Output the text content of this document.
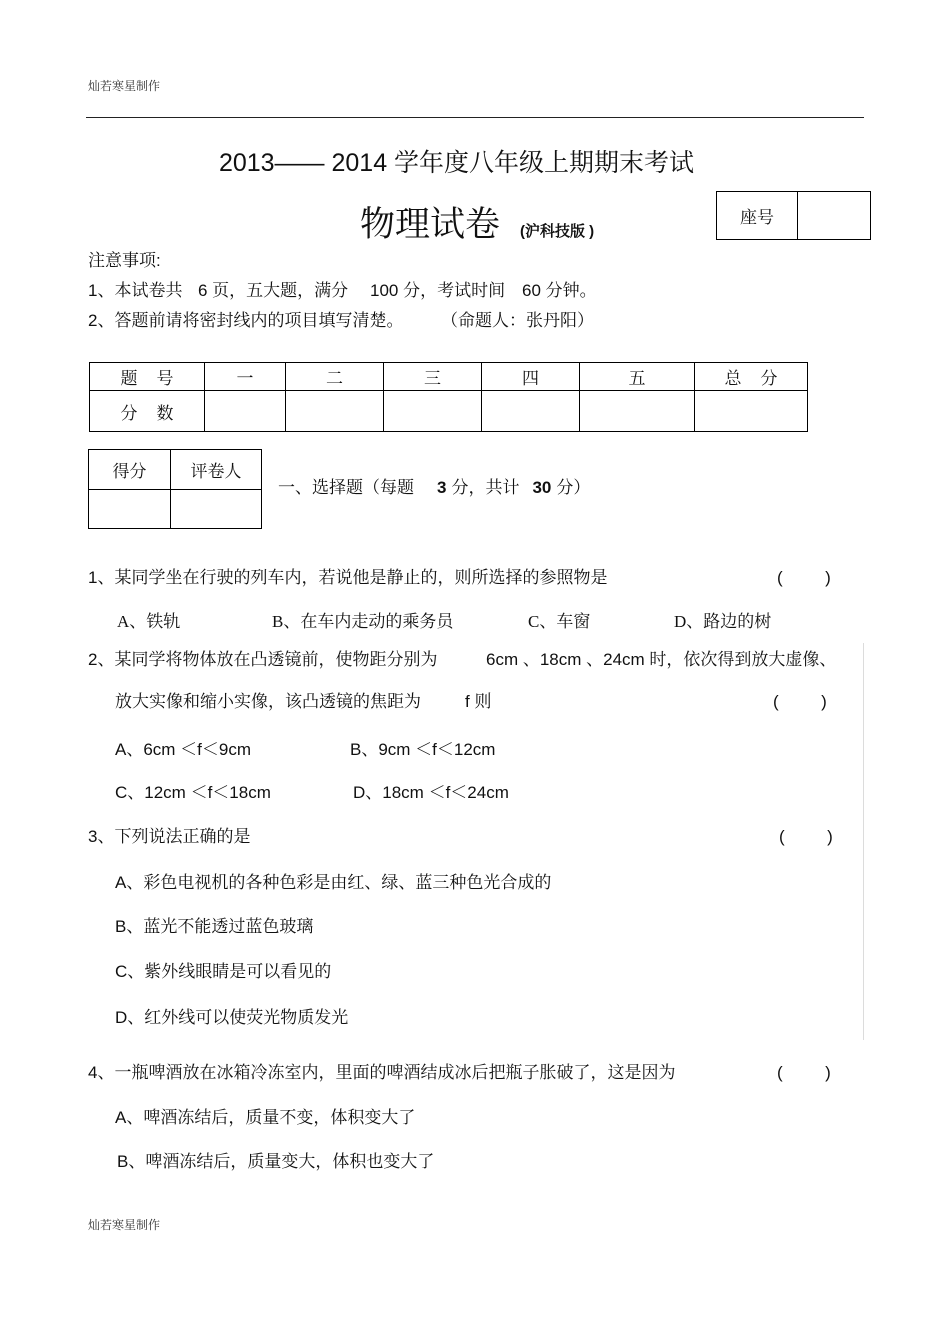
灿若寒星制作
2013—— 2014 学年度八年级上期期末考试
物理试卷 (沪科技版 )
座号	
注意事项:
1、本试卷共 6 页，五大题，满分 100 分，考试时间 60 分钟。
2、答题前请将密封线内的项目填写清楚。 （命题人：张丹阳）
题    号	一	二	三	四	五	总    分
分    数						
得分	评卷人

一、选择题（每题 3 分，共计 30 分）
1、某同学坐在行驶的列车内，若说他是静止的，则所选择的参照物是	(         )
A、铁轨	B、在车内走动的乘务员	C、车窗	D、路边的树
2、某同学将物体放在凸透镜前，使物距分别为	6cm 、18cm 、24cm 时，依次得到放大虚像、
放大实像和缩小实像，该凸透镜的焦距为	f 则	(         )
A、6cm ＜f＜9cm	B、9cm ＜f＜12cm
C、12cm ＜f＜18cm	D、18cm ＜f＜24cm
3、下列说法正确的是	(         )
A、彩色电视机的各种色彩是由红、绿、蓝三种色光合成的
B、蓝光不能透过蓝色玻璃
C、紫外线眼睛是可以看见的
D、红外线可以使荧光物质发光
4、一瓶啤酒放在冰箱冷冻室内，里面的啤酒结成冰后把瓶子胀破了，这是因为	(         )
A、啤酒冻结后，质量不变，体积变大了
B、啤酒冻结后，质量变大，体积也变大了
灿若寒星制作
